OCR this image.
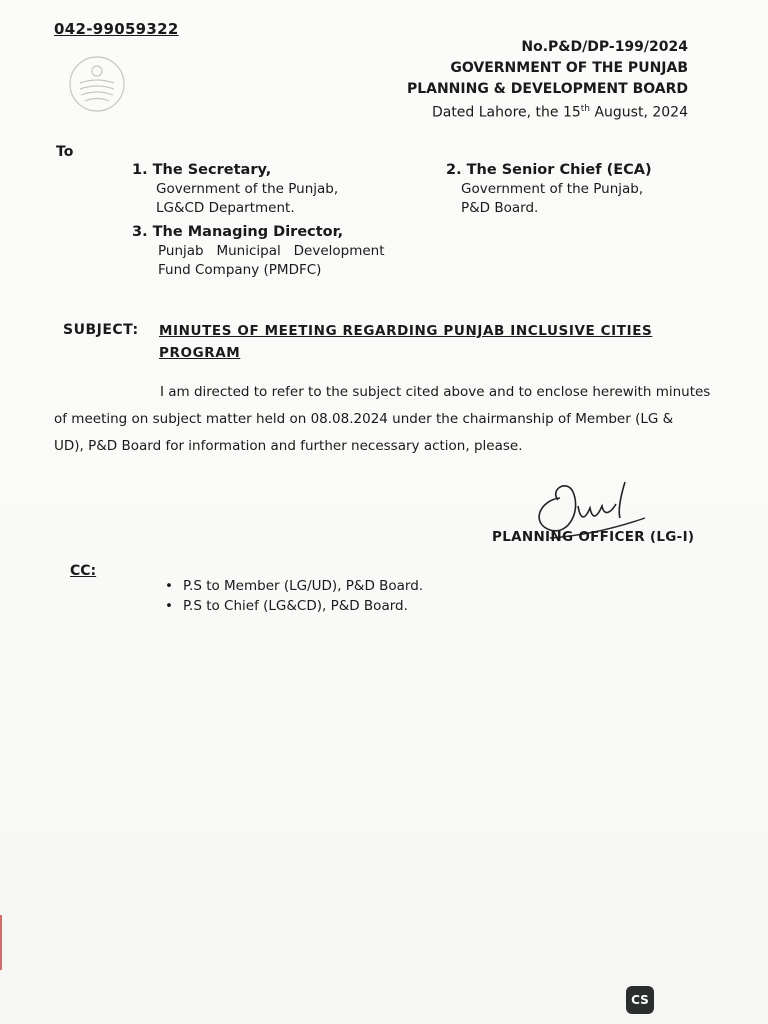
042-99059322
No.P&D/DP-199/2024
GOVERNMENT OF THE PUNJAB
PLANNING & DEVELOPMENT BOARD
Dated Lahore, the 15th August, 2024
To
1. The Secretary,
Government of the Punjab,
LG&CD Department.
2. The Senior Chief (ECA)
Government of the Punjab,
P&D Board.
3. The Managing Director,
Punjab   Municipal   Development
Fund Company (PMDFC)
SUBJECT: MINUTES OF MEETING REGARDING PUNJAB INCLUSIVE CITIES
PROGRAM
I am directed to refer to the subject cited above and to enclose herewith minutes
of meeting on subject matter held on 08.08.2024 under the chairmanship of Member (LG &
UD), P&D Board for information and further necessary action, please.
PLANNING OFFICER (LG-I)
CC:
• P.S to Member (LG/UD), P&D Board.
• P.S to Chief (LG&CD), P&D Board.
CS
